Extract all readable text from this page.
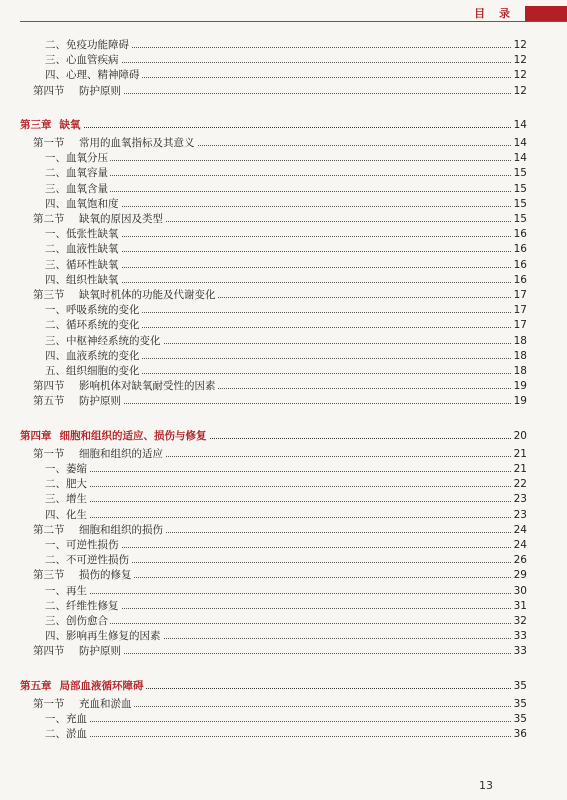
目 录
二、免疫功能障碍	12
三、心血管疾病	12
四、心理、精神障碍	12
第四节 防护原则	12
第三章 缺氧	14
第一节 常用的血氧指标及其意义	14
一、血氧分压	14
二、血氧容量	15
三、血氧含量	15
四、血氧饱和度	15
第二节 缺氧的原因及类型	15
一、低张性缺氧	16
二、血液性缺氧	16
三、循环性缺氧	16
四、组织性缺氧	16
第三节 缺氧时机体的功能及代谢变化	17
一、呼吸系统的变化	17
二、循环系统的变化	17
三、中枢神经系统的变化	18
四、血液系统的变化	18
五、组织细胞的变化	18
第四节 影响机体对缺氧耐受性的因素	19
第五节 防护原则	19
第四章 细胞和组织的适应、损伤与修复	20
第一节 细胞和组织的适应	21
一、萎缩	21
二、肥大	22
三、增生	23
四、化生	23
第二节 细胞和组织的损伤	24
一、可逆性损伤	24
二、不可逆性损伤	26
第三节 损伤的修复	29
一、再生	30
二、纤维性修复	31
三、创伤愈合	32
四、影响再生修复的因素	33
第四节 防护原则	33
第五章 局部血液循环障碍	35
第一节 充血和淤血	35
一、充血	35
二、淤血	36
13
